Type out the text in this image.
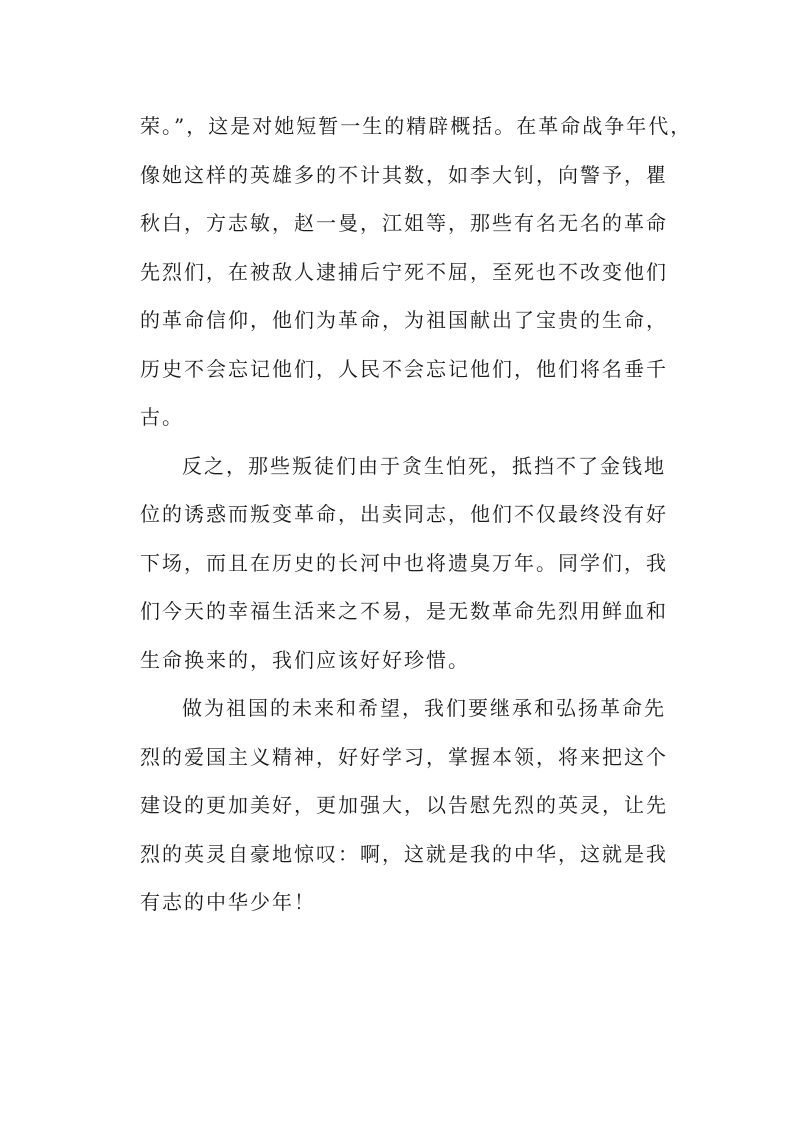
荣。”，这是对她短暂一生的精辟概括。在革命战争年代，
像她这样的英雄多的不计其数，如李大钊，向警予，瞿
秋白，方志敏，赵一曼，江姐等，那些有名无名的革命
先烈们，在被敌人逮捕后宁死不屈，至死也不改变他们
的革命信仰，他们为革命，为祖国献出了宝贵的生命，
历史不会忘记他们，人民不会忘记他们，他们将名垂千
古。
反之，那些叛徒们由于贪生怕死，抵挡不了金钱地
位的诱惑而叛变革命，出卖同志，他们不仅最终没有好
下场，而且在历史的长河中也将遗臭万年。同学们，我
们今天的幸福生活来之不易，是无数革命先烈用鲜血和
生命换来的，我们应该好好珍惜。
做为祖国的未来和希望，我们要继承和弘扬革命先
烈的爱国主义精神，好好学习，掌握本领，将来把这个
建设的更加美好，更加强大，以告慰先烈的英灵，让先
烈的英灵自豪地惊叹：啊，这就是我的中华，这就是我
有志的中华少年！
